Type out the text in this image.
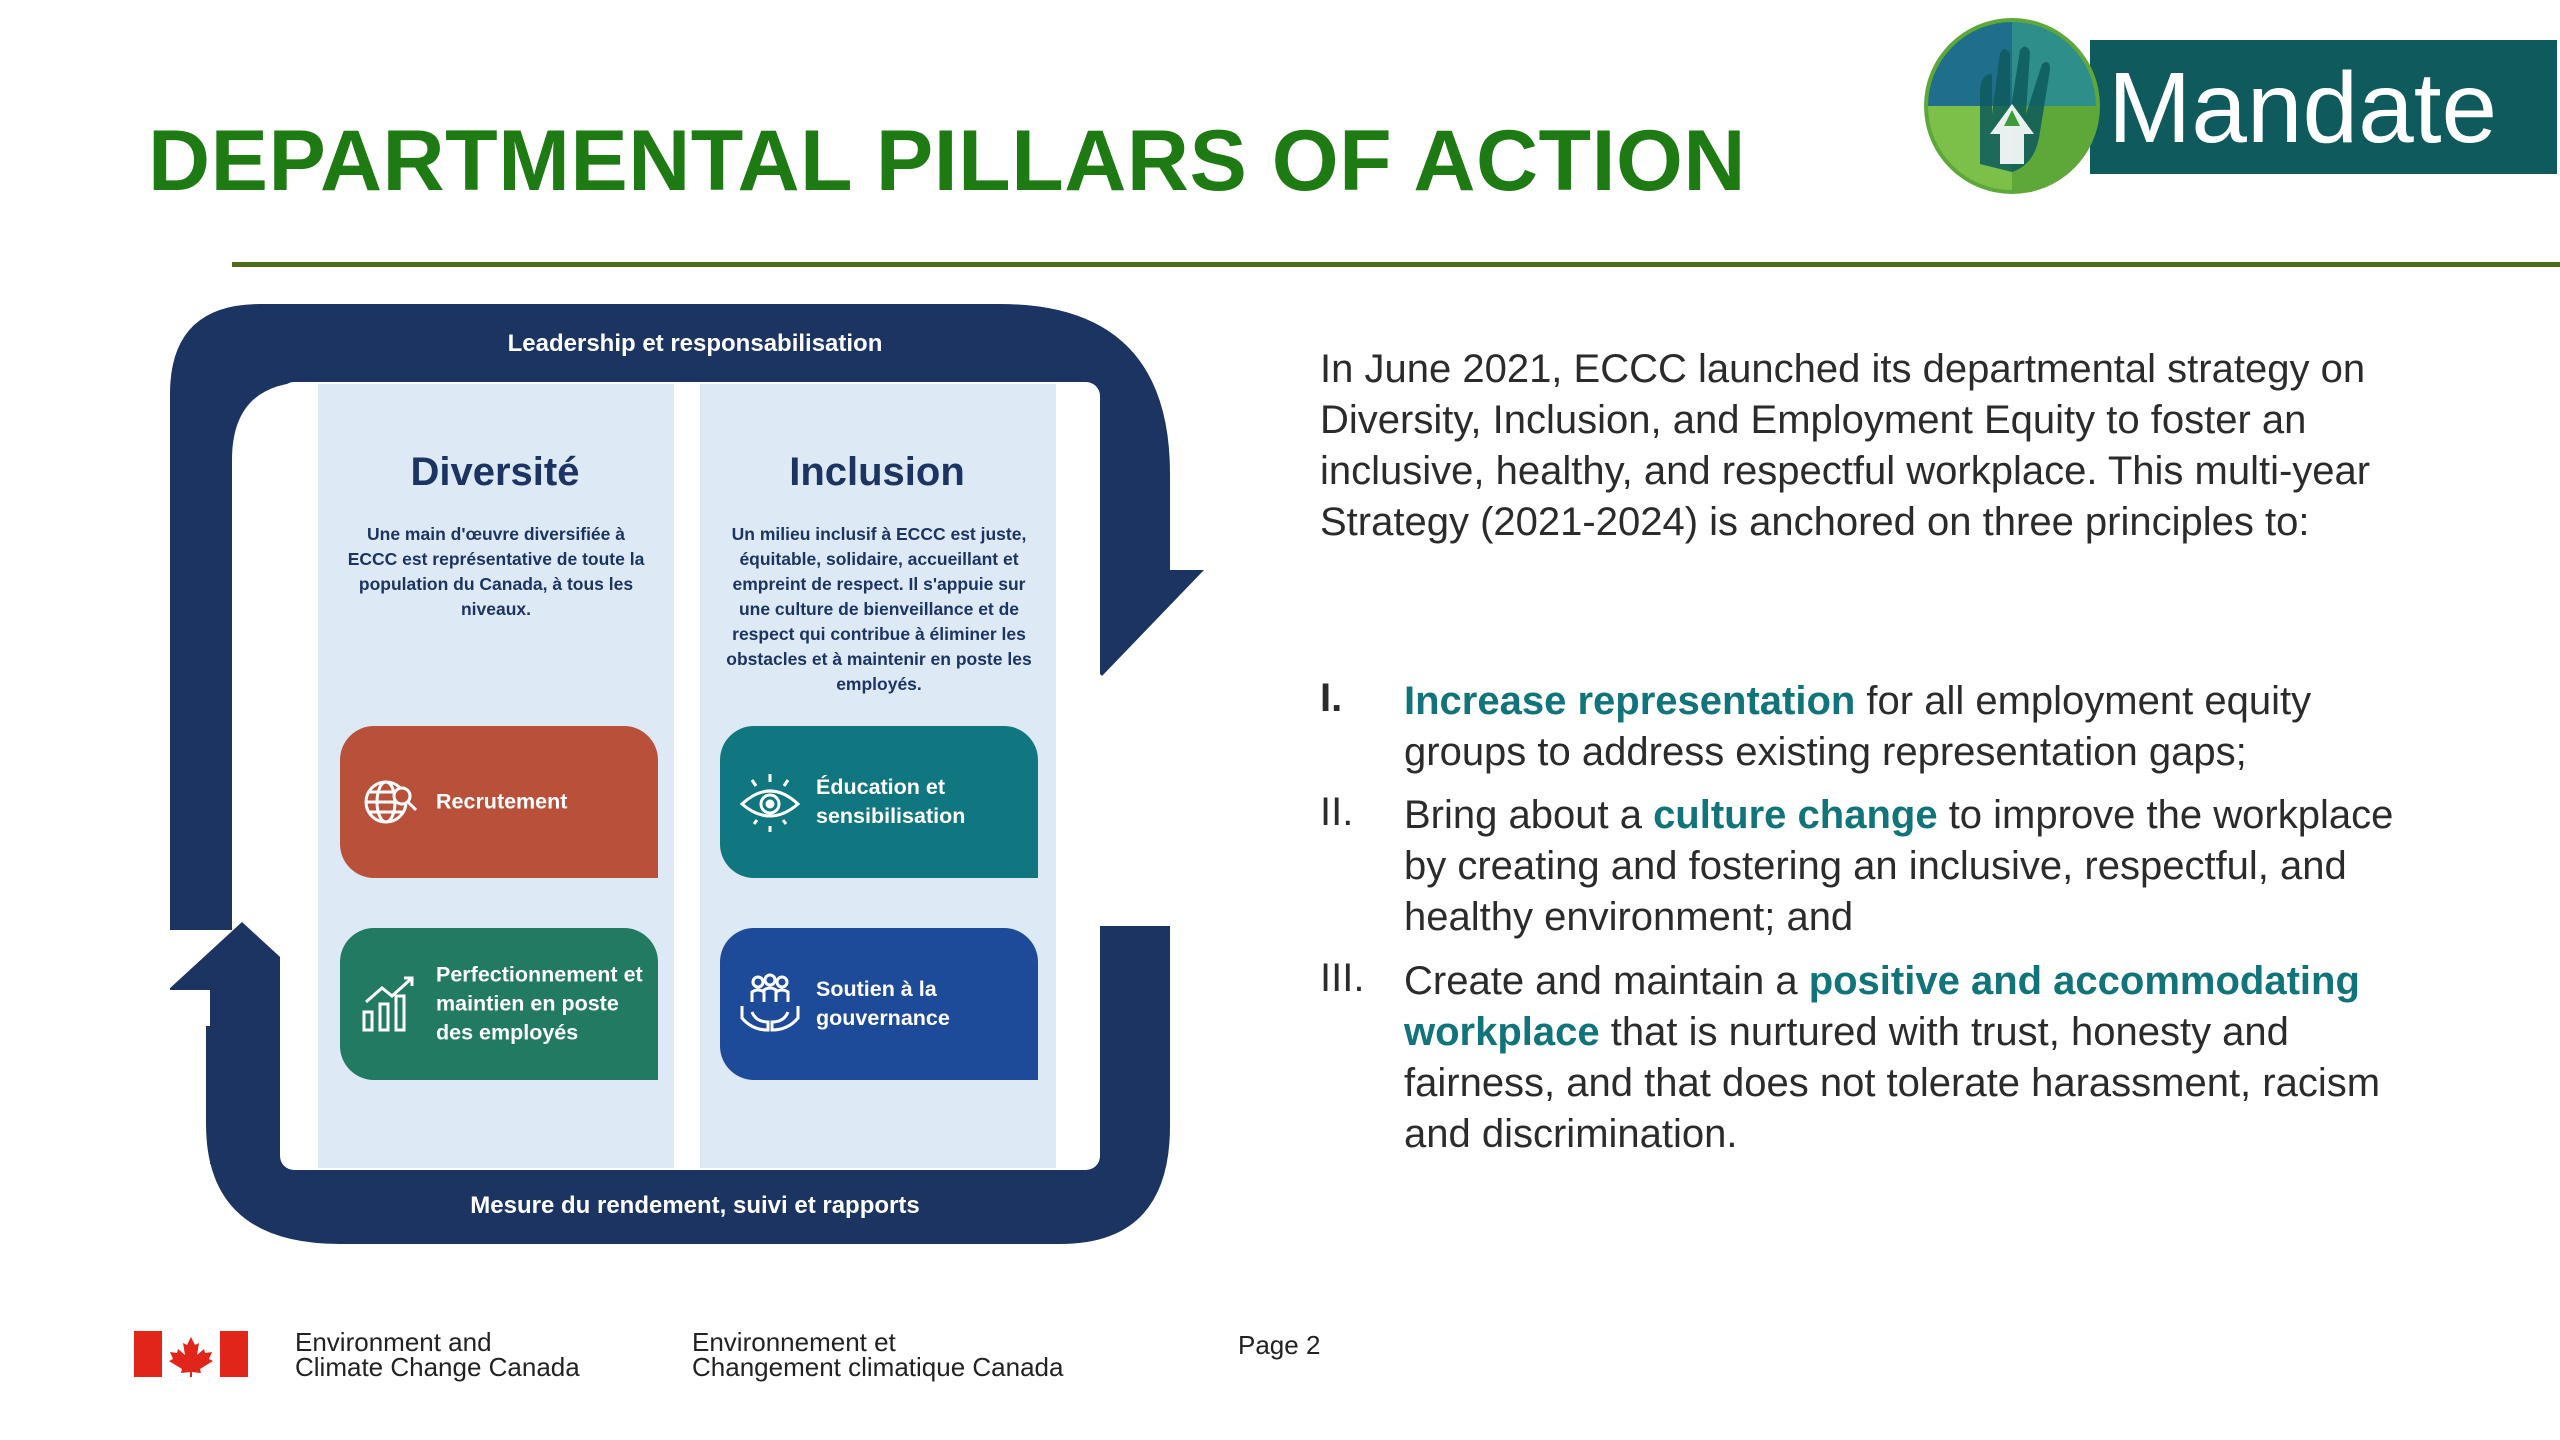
DEPARTMENTAL PILLARS OF ACTION	Mandate
Leadership et responsabilisation
Mesure du rendement, suivi et rapports
Diversité
Une main d'œuvre diversifiée à ECCC est représentative de toute la population du Canada, à tous les niveaux.
Recrutement
Perfectionnement et maintien en poste des employés
Inclusion
Un milieu inclusif à ECCC est juste, équitable, solidaire, accueillant et empreint de respect. Il s'appuie sur une culture de bienveillance et de respect qui contribue à éliminer les obstacles et à maintenir en poste les employés.
Éducation et sensibilisation
Soutien à la gouvernance
In June 2021, ECCC launched its departmental strategy on Diversity, Inclusion, and Employment Equity to foster an inclusive, healthy, and respectful workplace. This multi-year Strategy (2021-2024) is anchored on three principles to:
I. Increase representation for all employment equity groups to address existing representation gaps;
II. Bring about a culture change to improve the workplace by creating and fostering an inclusive, respectful, and healthy environment; and
III. Create and maintain a positive and accommodating workplace that is nurtured with trust, honesty and fairness, and that does not tolerate harassment, racism and discrimination.
Environment and
Climate Change Canada
Environnement et
Changement climatique Canada
Page 2
